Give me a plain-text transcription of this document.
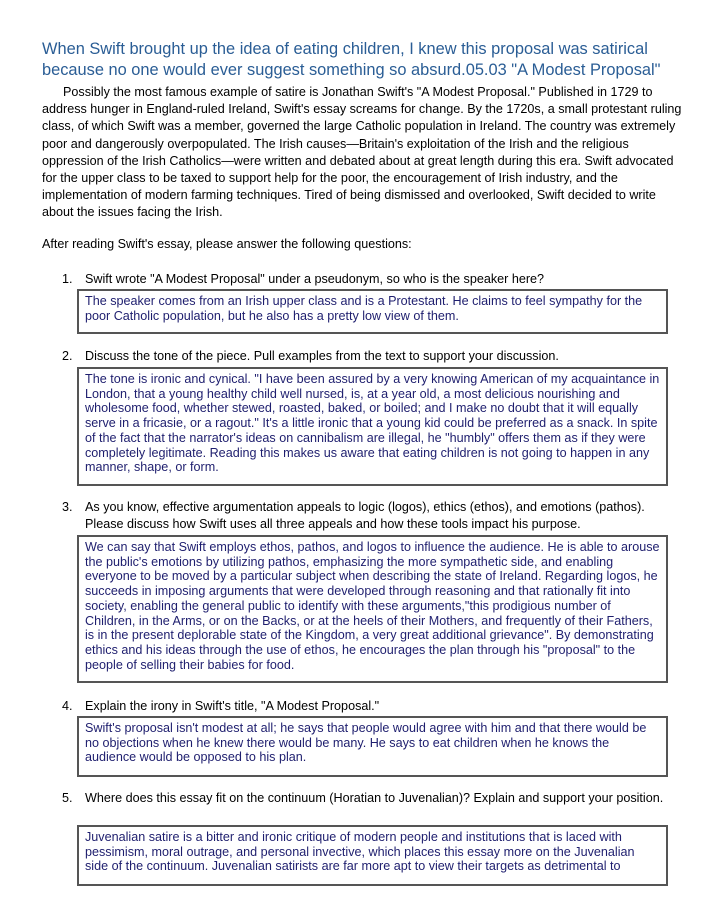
When Swift brought up the idea of eating children, I knew this proposal was satirical because no one would ever suggest something so absurd.05.03 "A Modest Proposal"
Possibly the most famous example of satire is Jonathan Swift's "A Modest Proposal." Published in 1729 to address hunger in England-ruled Ireland, Swift's essay screams for change. By the 1720s, a small protestant ruling class, of which Swift was a member, governed the large Catholic population in Ireland. The country was extremely poor and dangerously overpopulated. The Irish causes—Britain's exploitation of the Irish and the religious oppression of the Irish Catholics—were written and debated about at great length during this era. Swift advocated for the upper class to be taxed to support help for the poor, the encouragement of Irish industry, and the implementation of modern farming techniques. Tired of being dismissed and overlooked, Swift decided to write about the issues facing the Irish.
After reading Swift's essay, please answer the following questions:
1. Swift wrote "A Modest Proposal" under a pseudonym, so who is the speaker here?
The speaker comes from an Irish upper class and is a Protestant. He claims to feel sympathy for the poor Catholic population, but he also has a pretty low view of them.
2. Discuss the tone of the piece. Pull examples from the text to support your discussion.
The tone is ironic and cynical. "I have been assured by a very knowing American of my acquaintance in London, that a young healthy child well nursed, is, at a year old, a most delicious nourishing and wholesome food, whether stewed, roasted, baked, or boiled; and I make no doubt that it will equally serve in a fricasie, or a ragout." It's a little ironic that a young kid could be preferred as a snack. In spite of the fact that the narrator's ideas on cannibalism are illegal, he "humbly" offers them as if they were completely legitimate. Reading this makes us aware that eating children is not going to happen in any manner, shape, or form.
3. As you know, effective argumentation appeals to logic (logos), ethics (ethos), and emotions (pathos). Please discuss how Swift uses all three appeals and how these tools impact his purpose.
We can say that Swift employs ethos, pathos, and logos to influence the audience. He is able to arouse the public's emotions by utilizing pathos, emphasizing the more sympathetic side, and enabling everyone to be moved by a particular subject when describing the state of Ireland. Regarding logos, he succeeds in imposing arguments that were developed through reasoning and that rationally fit into society, enabling the general public to identify with these arguments,"this prodigious number of Children, in the Arms, or on the Backs, or at the heels of their Mothers, and frequently of their Fathers, is in the present deplorable state of the Kingdom, a very great additional grievance". By demonstrating ethics and his ideas through the use of ethos, he encourages the plan through his "proposal" to the people of selling their babies for food.
4. Explain the irony in Swift's title, "A Modest Proposal."
Swift's proposal isn't modest at all; he says that people would agree with him and that there would be no objections when he knew there would be many. He says to eat children when he knows the audience would be opposed to his plan.
5. Where does this essay fit on the continuum (Horatian to Juvenalian)? Explain and support your position.
Juvenalian satire is a bitter and ironic critique of modern people and institutions that is laced with pessimism, moral outrage, and personal invective, which places this essay more on the Juvenalian side of the continuum. Juvenalian satirists are far more apt to view their targets as detrimental to
